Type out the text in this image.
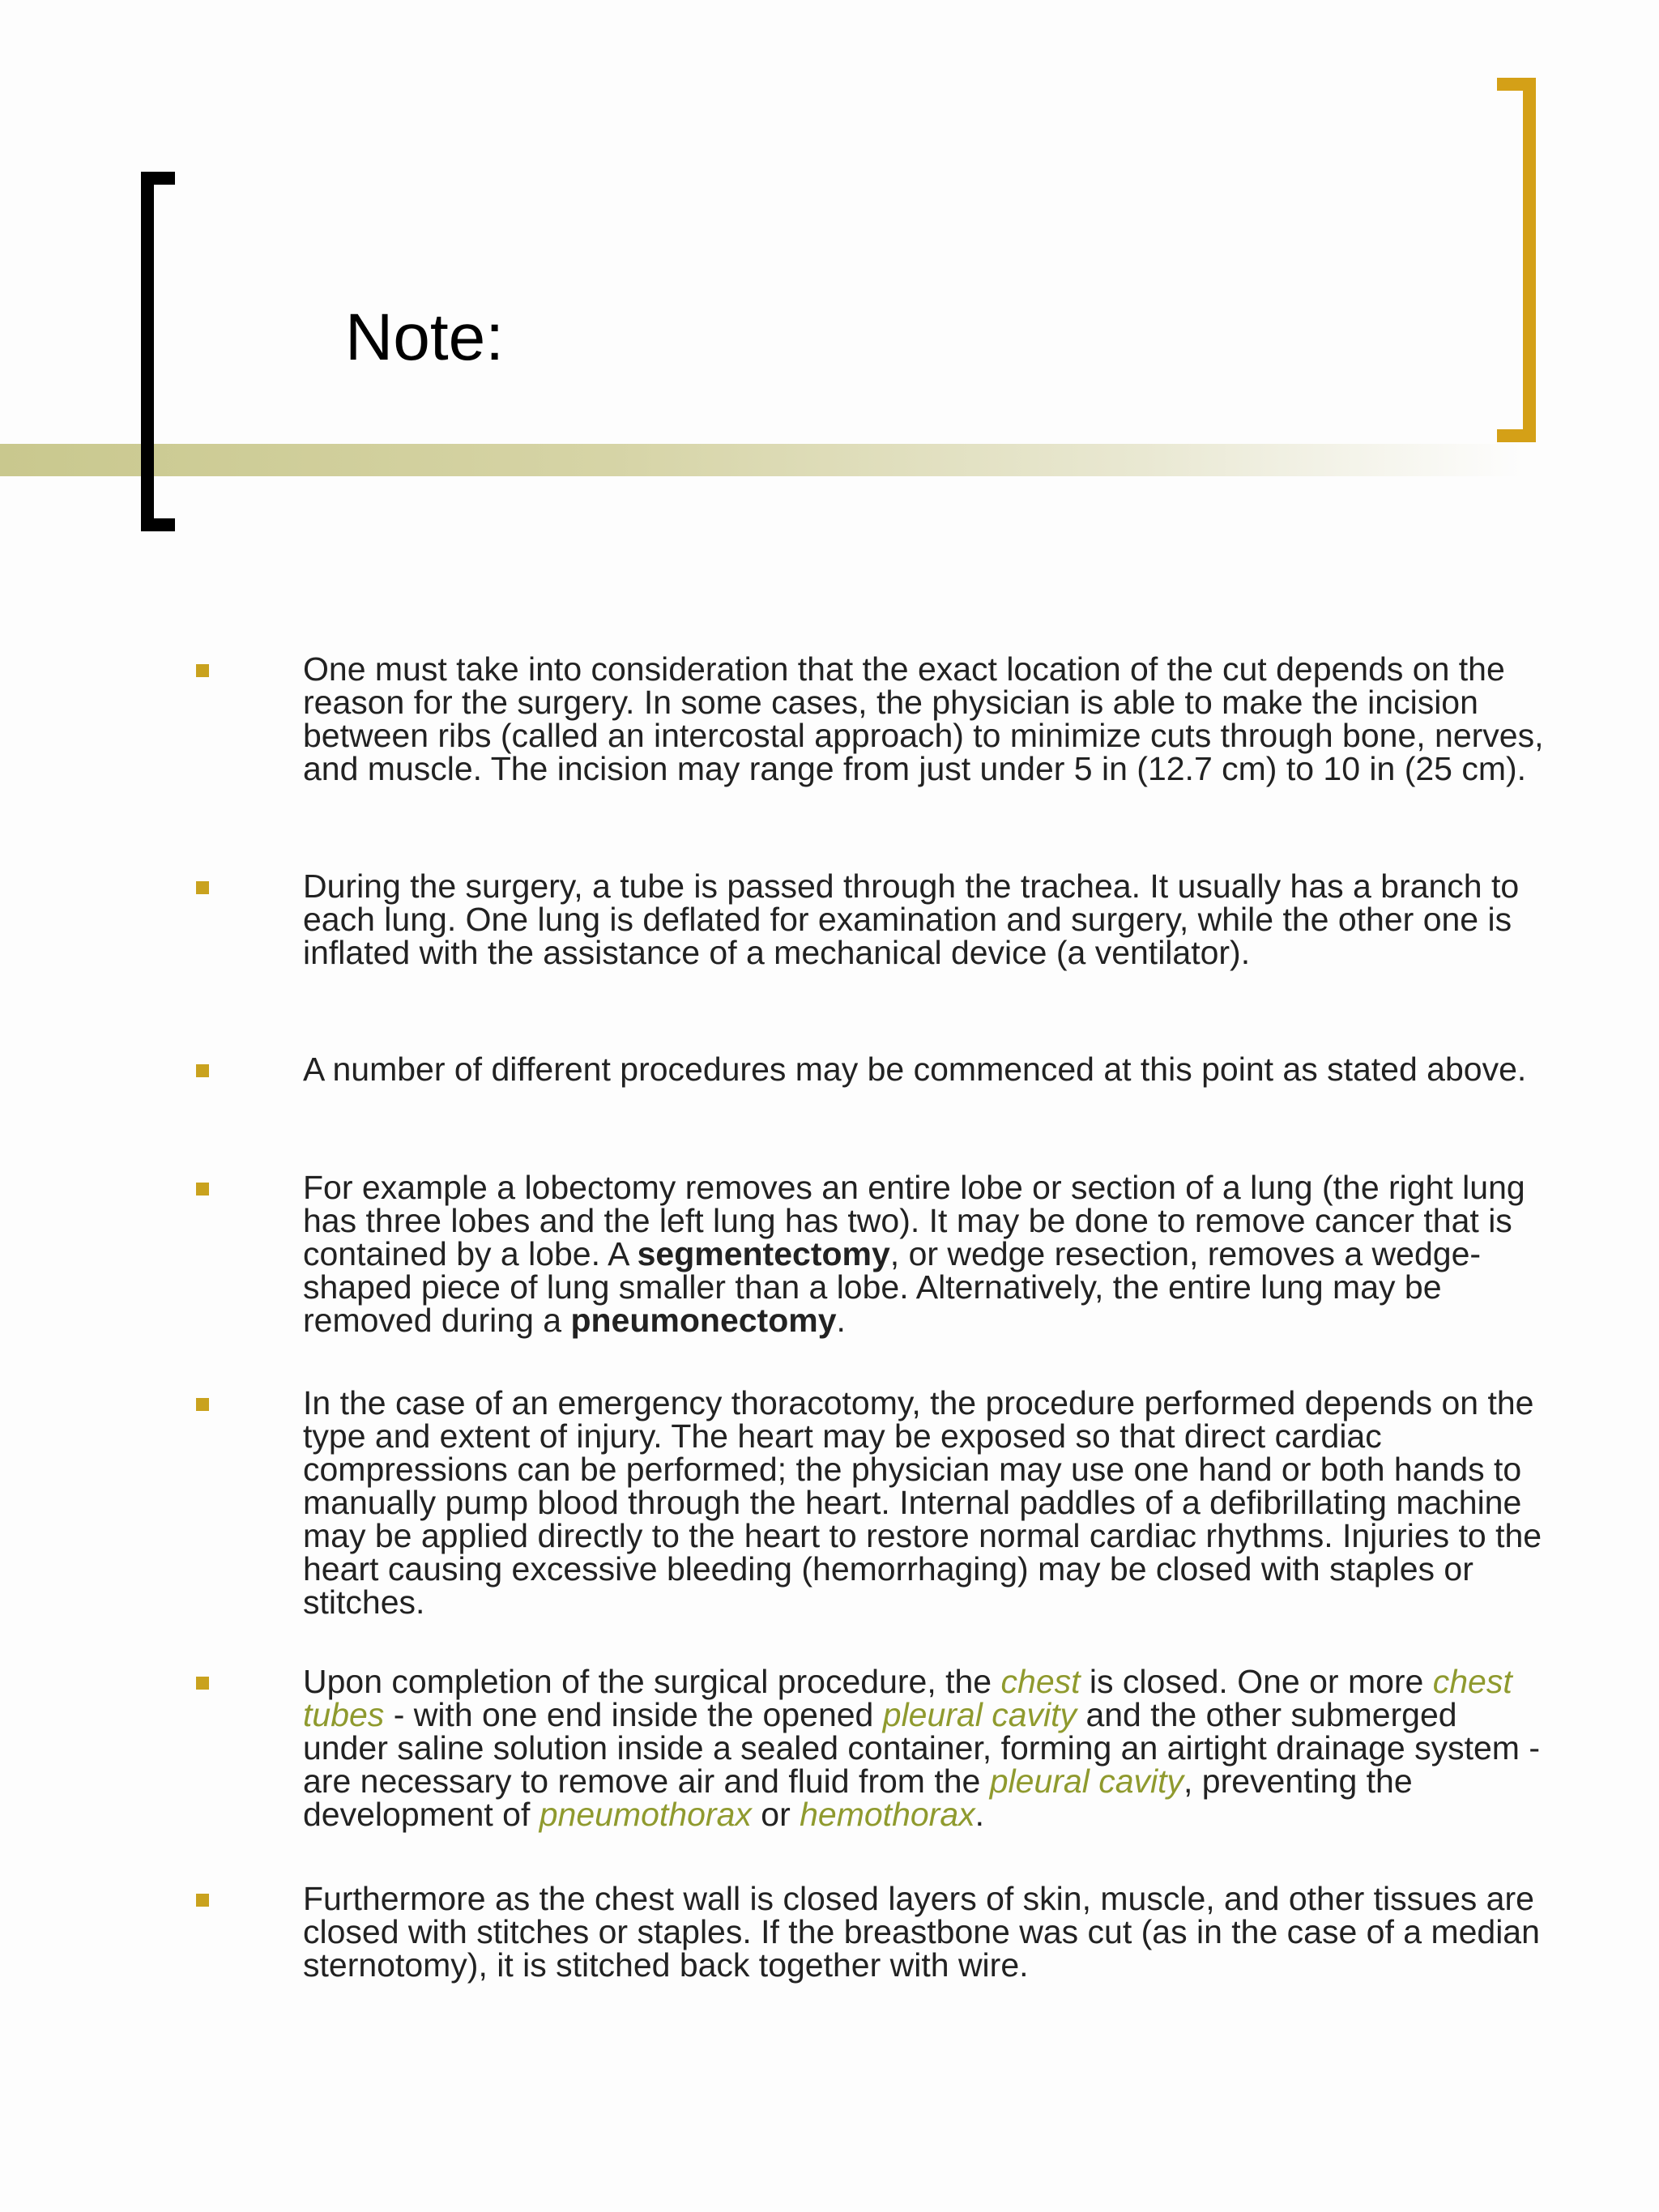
Note:

One must take into consideration that the exact location of the cut depends on the reason for the surgery. In some cases, the physician is able to make the incision between ribs (called an intercostal approach) to minimize cuts through bone, nerves, and muscle. The incision may range from just under 5 in (12.7 cm) to 10 in (25 cm).

During the surgery, a tube is passed through the trachea. It usually has a branch to each lung. One lung is deflated for examination and surgery, while the other one is inflated with the assistance of a mechanical device (a ventilator).

A number of different procedures may be commenced at this point as stated above.

For example a lobectomy removes an entire lobe or section of a lung (the right lung has three lobes and the left lung has two). It may be done to remove cancer that is contained by a lobe. A segmentectomy, or wedge resection, removes a wedge-shaped piece of lung smaller than a lobe. Alternatively, the entire lung may be removed during a pneumonectomy.

In the case of an emergency thoracotomy, the procedure performed depends on the type and extent of injury. The heart may be exposed so that direct cardiac compressions can be performed; the physician may use one hand or both hands to manually pump blood through the heart. Internal paddles of a defibrillating machine may be applied directly to the heart to restore normal cardiac rhythms. Injuries to the heart causing excessive bleeding (hemorrhaging) may be closed with staples or stitches.

Upon completion of the surgical procedure, the chest is closed. One or more chest tubes - with one end inside the opened pleural cavity and the other submerged under saline solution inside a sealed container, forming an airtight drainage system - are necessary to remove air and fluid from the pleural cavity, preventing the development of pneumothorax or hemothorax.

Furthermore as the chest wall is closed layers of skin, muscle, and other tissues are closed with stitches or staples. If the breastbone was cut (as in the case of a median sternotomy), it is stitched back together with wire.
